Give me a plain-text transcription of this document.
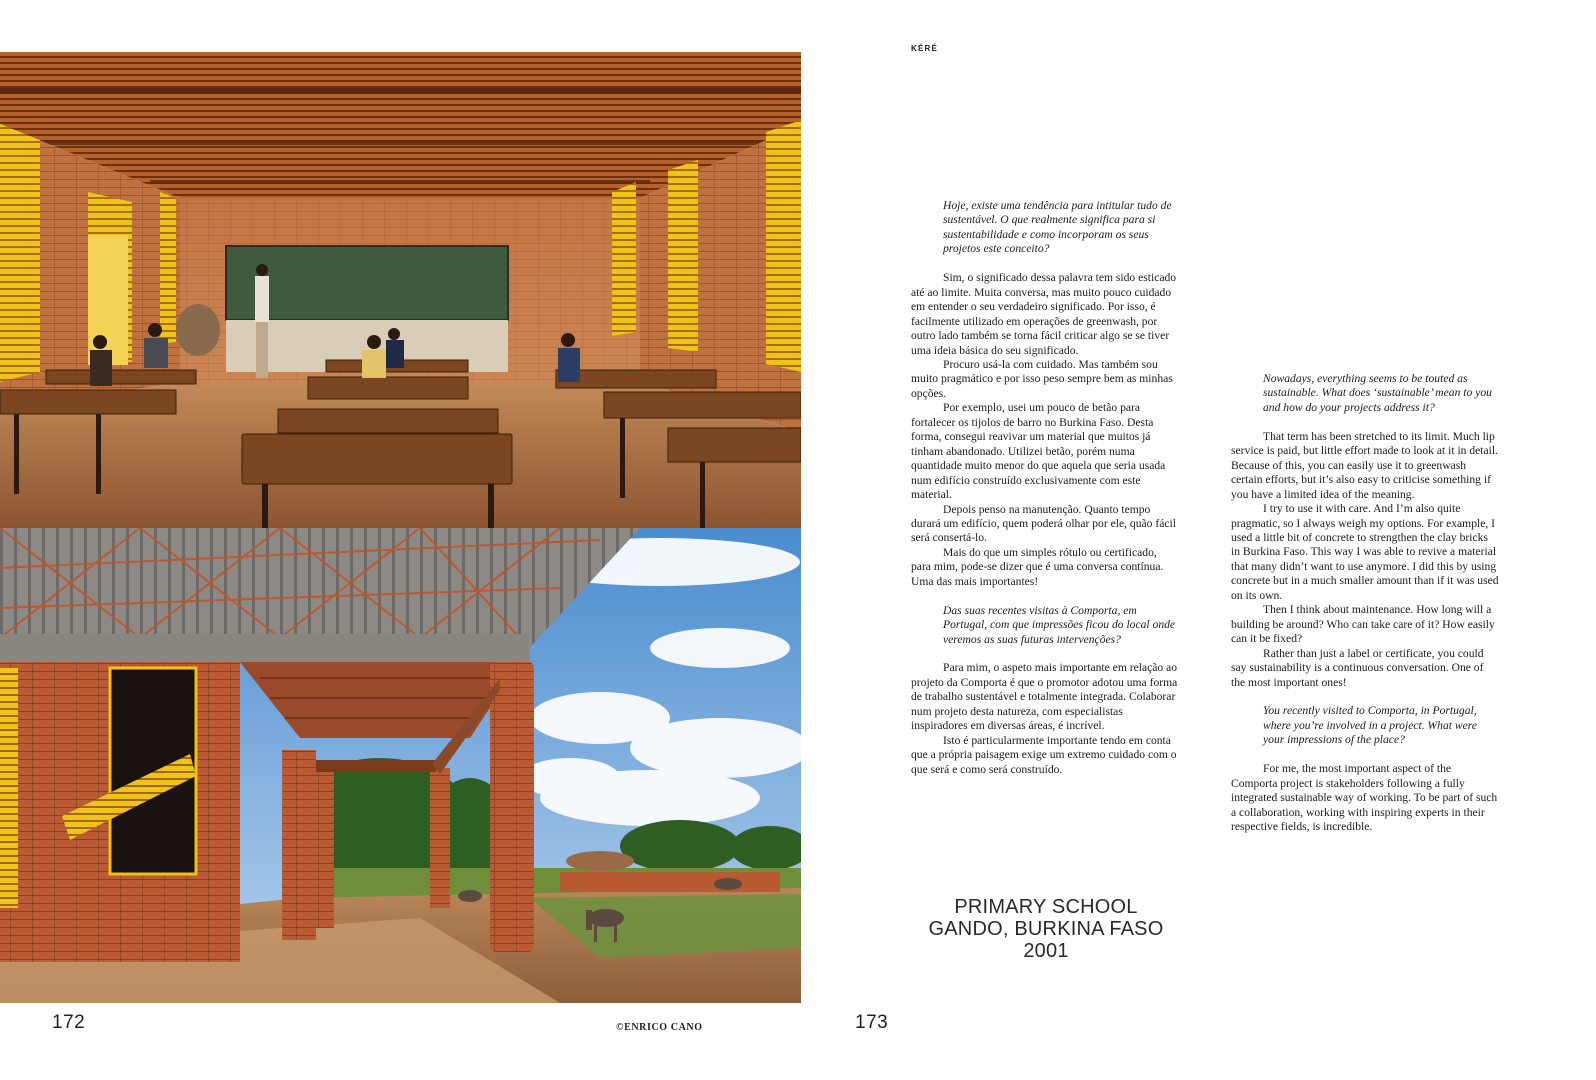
KÉRÉ

Hoje, existe uma tendência para intitular tudo de sustentável. O que realmente significa para si sustentabilidade e como incorporam os seus projetos este conceito?

Sim, o significado dessa palavra tem sido esticado até ao limite. Muita conversa, mas muito pouco cuidado em entender o seu verdadeiro significado. Por isso, é facilmente utilizado em operações de greenwash, por outro lado também se torna fácil criticar algo se se tiver uma ideia básica do seu significado.

Procuro usá-la com cuidado. Mas também sou muito pragmático e por isso peso sempre bem as minhas opções.

Por exemplo, usei um pouco de betão para fortalecer os tijolos de barro no Burkina Faso. Desta forma, consegui reavivar um material que muitos já tinham abandonado. Utilizei betão, porém numa quantidade muito menor do que aquela que seria usada num edifício construído exclusivamente com este material.

Depois penso na manutenção. Quanto tempo durará um edifício, quem poderá olhar por ele, quão fácil será consertá-lo.

Mais do que um simples rótulo ou certificado, para mim, pode-se dizer que é uma conversa contínua. Uma das mais importantes!

Das suas recentes visitas à Comporta, em Portugal, com que impressões ficou do local onde veremos as suas futuras intervenções?

Para mim, o aspeto mais importante em relação ao projeto da Comporta é que o promotor adotou uma forma de trabalho sustentável e totalmente integrada. Colaborar num projeto desta natureza, com especialistas inspiradores em diversas áreas, é incrível.

Isto é particularmente importante tendo em conta que a própria paisagem exige um extremo cuidado com o que será e como será construído.

Nowadays, everything seems to be touted as sustainable. What does ‘sustainable’ mean to you and how do your projects address it?

That term has been stretched to its limit. Much lip service is paid, but little effort made to look at it in detail. Because of this, you can easily use it to greenwash certain efforts, but it’s also easy to criticise something if you have a limited idea of the meaning.

I try to use it with care. And I’m also quite pragmatic, so I always weigh my options. For example, I used a little bit of concrete to strengthen the clay bricks in Burkina Faso. This way I was able to revive a material that many didn’t want to use anymore. I did this by using concrete but in a much smaller amount than if it was used on its own.

Then I think about maintenance. How long will a building be around? Who can take care of it? How easily can it be fixed?

Rather than just a label or certificate, you could say sustainability is a continuous conversation. One of the most important ones!

You recently visited to Comporta, in Portugal, where you’re involved in a project. What were your impressions of the place?

For me, the most important aspect of the Comporta project is stakeholders following a fully integrated sustainable way of working. To be part of such a collaboration, working with inspiring experts in their respective fields, is incredible.

PRIMARY SCHOOL
GANDO, BURKINA FASO
2001
172	©ENRICO CANO	173
